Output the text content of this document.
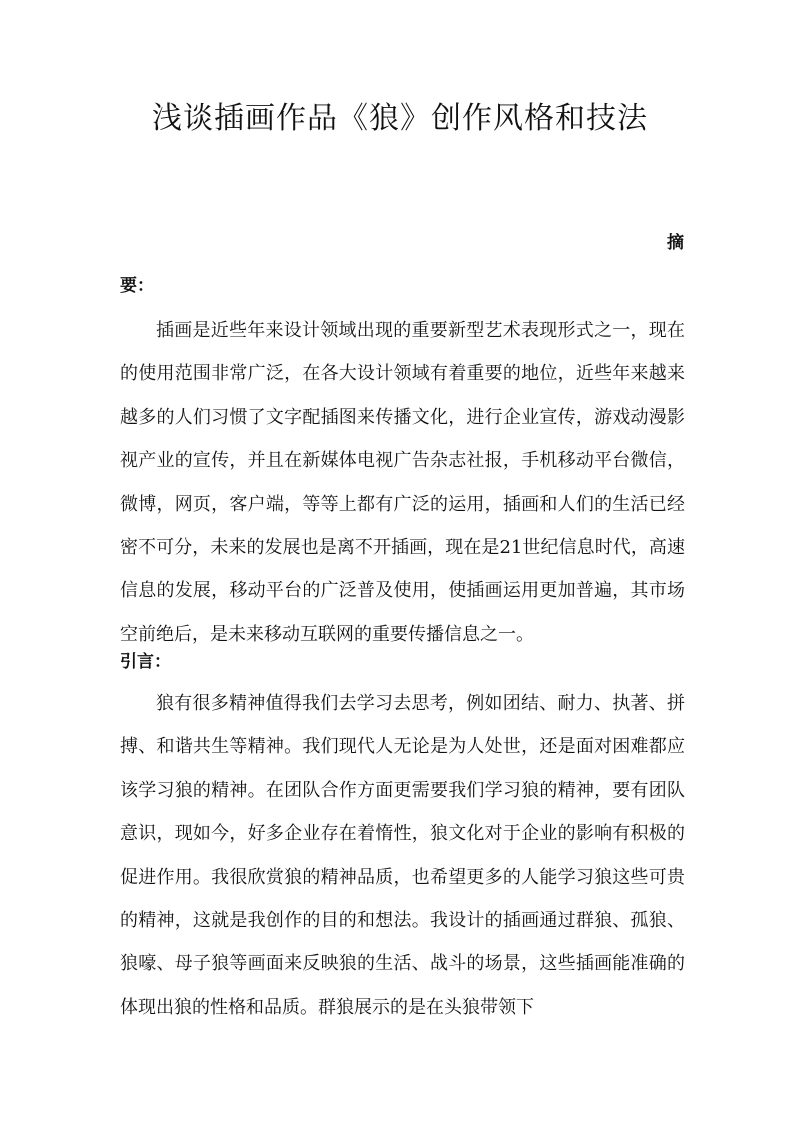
浅谈插画作品《狼》创作风格和技法
摘
要：

插画是近些年来设计领域出现的重要新型艺术表现形式之一，现在的使用范围非常广泛，在各大设计领域有着重要的地位，近些年来越来越多的人们习惯了文字配插图来传播文化，进行企业宣传，游戏动漫影视产业的宣传，并且在新媒体电视广告杂志社报，手机移动平台微信，微博，网页，客户端，等等上都有广泛的运用，插画和人们的生活已经密不可分，未来的发展也是离不开插画，现在是21世纪信息时代，高速信息的发展，移动平台的广泛普及使用，使插画运用更加普遍，其市场空前绝后，是未来移动互联网的重要传播信息之一。

引言：

狼有很多精神值得我们去学习去思考，例如团结、耐力、执著、拼搏、和谐共生等精神。我们现代人无论是为人处世，还是面对困难都应该学习狼的精神。在团队合作方面更需要我们学习狼的精神，要有团队意识，现如今，好多企业存在着惰性，狼文化对于企业的影响有积极的促进作用。我很欣赏狼的精神品质，也希望更多的人能学习狼这些可贵的精神，这就是我创作的目的和想法。我设计的插画通过群狼、孤狼、狼嚎、母子狼等画面来反映狼的生活、战斗的场景，这些插画能准确的体现出狼的性格和品质。群狼展示的是在头狼带领下
